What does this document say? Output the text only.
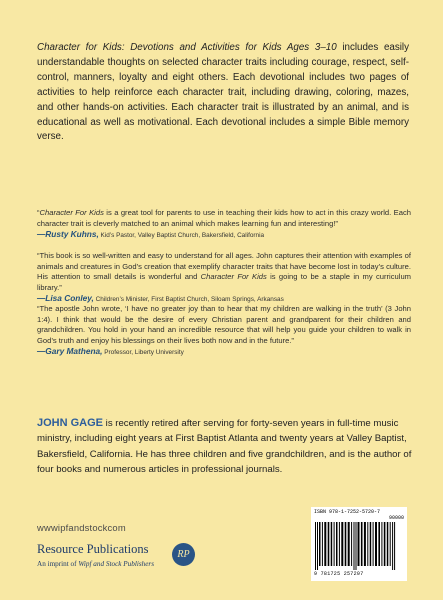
Character for Kids: Devotions and Activities for Kids Ages 3–10 includes easily understandable thoughts on selected character traits including courage, respect, self-control, manners, loyalty and eight others. Each devotional includes two pages of activities to help reinforce each character trait, including drawing, coloring, mazes, and other hands-on activities. Each character trait is illustrated by an animal, and is educational as well as motivational. Each devotional includes a simple Bible memory verse.
“Character For Kids is a great tool for parents to use in teaching their kids how to act in this crazy world. Each character trait is cleverly matched to an animal which makes learning fun and interesting!”
—Rusty Kuhns, Kid’s Pastor, Valley Baptist Church, Bakersfield, California
“This book is so well-written and easy to understand for all ages. John captures their attention with examples of animals and creatures in God’s creation that exemplify character traits that have become lost in today’s culture. His attention to small details is wonderful and Character For Kids is going to be a staple in my curriculum library.”
—Lisa Conley, Children’s Minister, First Baptist Church, Siloam Springs, Arkansas
“The apostle John wrote, ‘I have no greater joy than to hear that my children are walking in the truth’ (3 John 1:4). I think that would be the desire of every Christian parent and grandparent for their children and grandchildren. You hold in your hand an incredible resource that will help you guide your children to walk in God’s truth and enjoy his blessings on their lives both now and in the future.”
—Gary Mathena, Professor, Liberty University
JOHN GAGE is recently retired after serving for forty-seven years in full-time music ministry, including eight years at First Baptist Atlanta and twenty years at Valley Baptist, Bakersfield, California. He has three children and five grandchildren, and is the author of four books and numerous articles in professional journals.
wwwipfandstockcom
Resource Publications	RP
An imprint of Wipf and Stock Publishers
ISBN 978-1-7252-5720-7
90000
9 781725 257207
